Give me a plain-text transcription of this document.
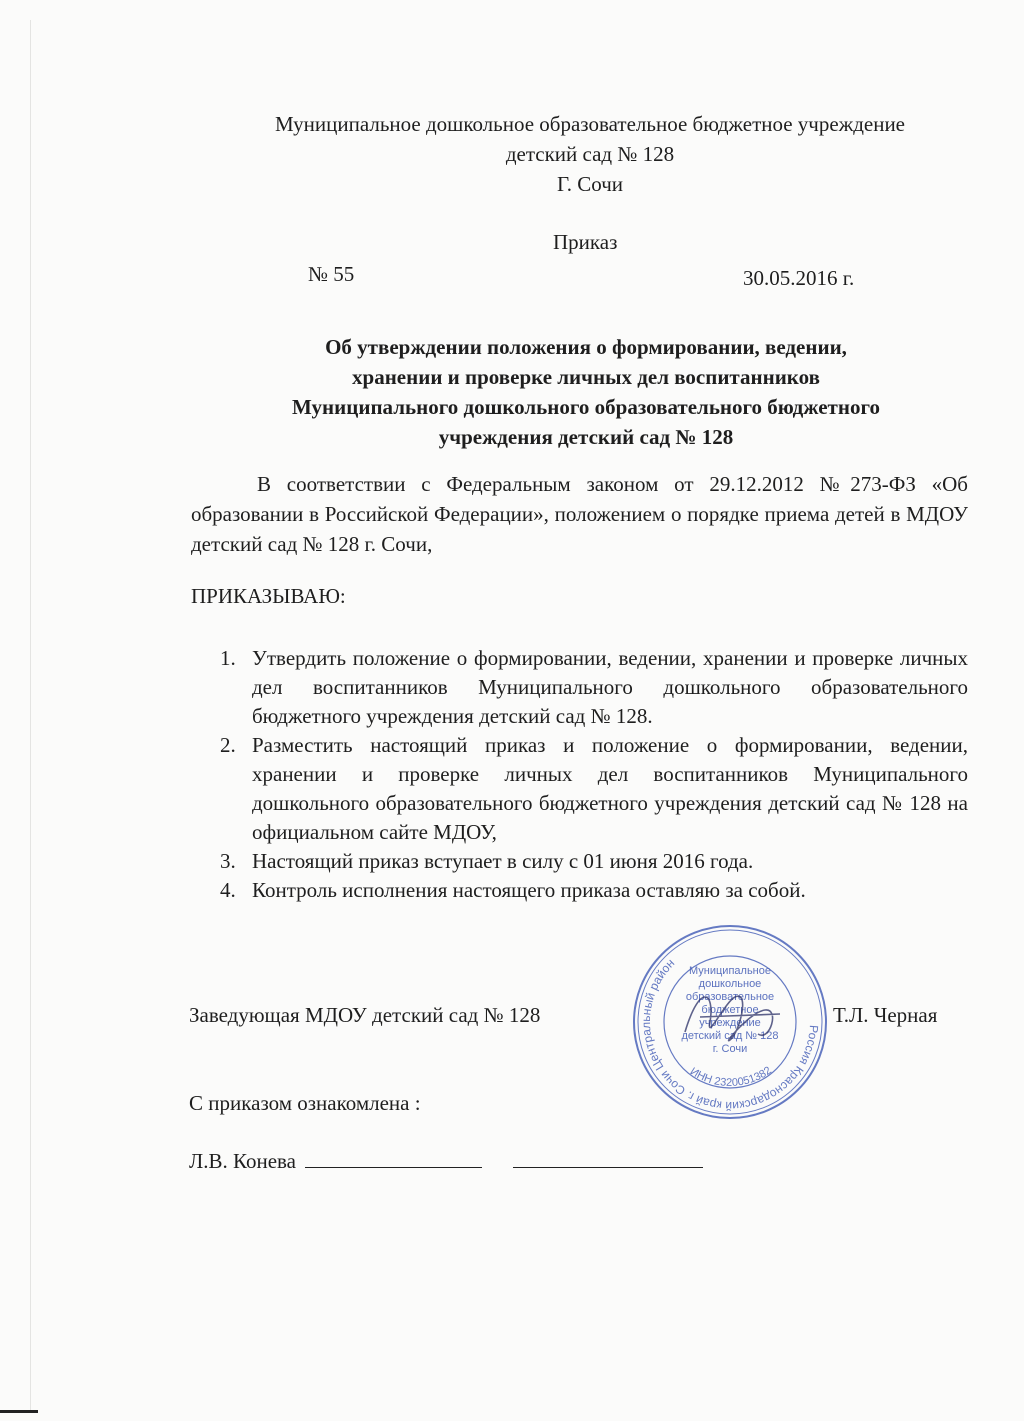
Муниципальное дошкольное образовательное бюджетное учреждение
детский сад № 128
Г. Сочи
Приказ
№ 55	30.05.2016 г.
Об утверждении положения о формировании, ведении,
хранении и проверке личных дел воспитанников
Муниципального дошкольного образовательного бюджетного
учреждения детский сад № 128
В соответствии с Федеральным законом от 29.12.2012 №273-ФЗ «Об образовании в Российской Федерации», положением о порядке приема детей в МДОУ детский сад № 128 г. Сочи,
ПРИКАЗЫВАЮ:
1. Утвердить положение о формировании, ведении, хранении и проверке личных дел воспитанников Муниципального дошкольного образовательного бюджетного учреждения детский сад № 128.
2. Разместить настоящий приказ и положение о формировании, ведении, хранении и проверке личных дел воспитанников Муниципального дошкольного образовательного бюджетного учреждения детский сад № 128 на официальном сайте МДОУ,
3. Настоящий приказ вступает в силу с 01 июня 2016 года.
4. Контроль исполнения настоящего приказа оставляю за собой.
Заведующая МДОУ детский сад № 128	Т.Л. Черная
Россия Краснодарский край г. Сочи Центральный район
ИНН 2320051382
Муниципальное
дошкольное
образовательное
бюджетное
учреждение
детский сад № 128
г. Сочи
С приказом ознакомлена :
Л.В. Конева
